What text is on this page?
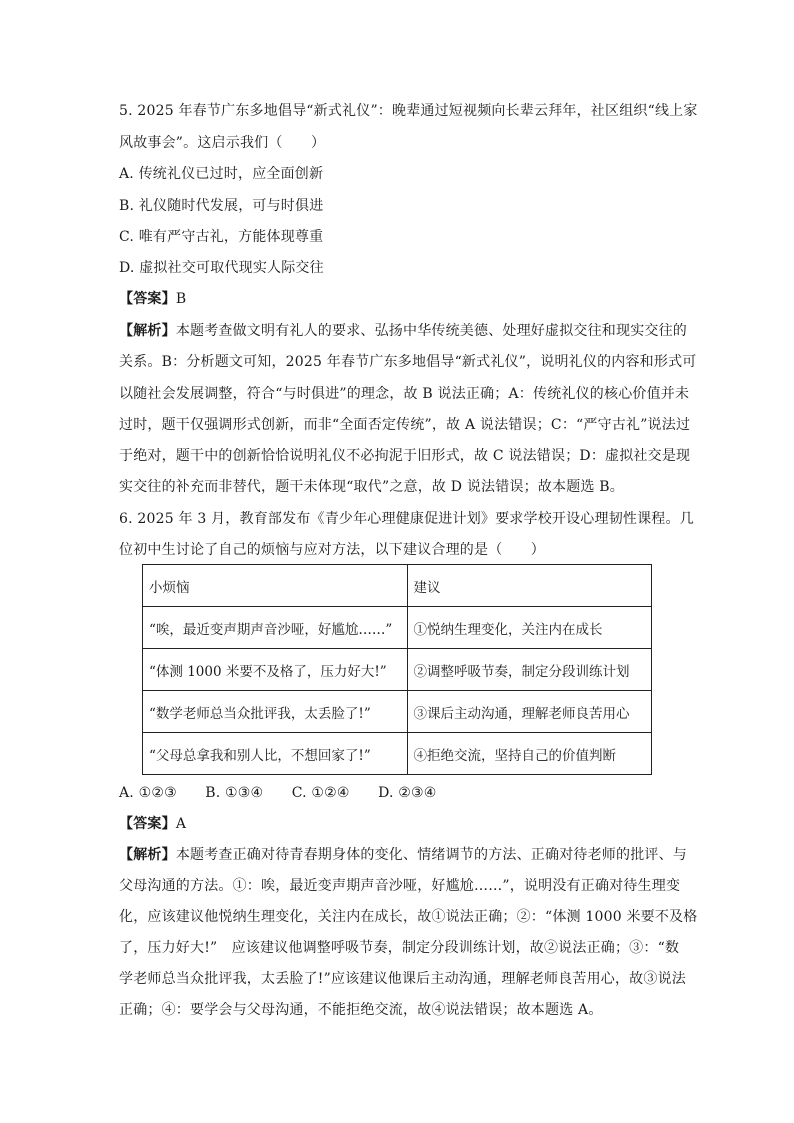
5. 2025 年春节广东多地倡导“新式礼仪”：晚辈通过短视频向长辈云拜年，社区组织“线上家
风故事会”。这启示我们（　　）
A. 传统礼仪已过时，应全面创新
B. 礼仪随时代发展，可与时俱进
C. 唯有严守古礼，方能体现尊重
D. 虚拟社交可取代现实人际交往
【答案】B
【解析】本题考查做文明有礼人的要求、弘扬中华传统美德、处理好虚拟交往和现实交往的
关系。B：分析题文可知，2025 年春节广东多地倡导“新式礼仪”，说明礼仪的内容和形式可
以随社会发展调整，符合“与时俱进”的理念，故 B 说法正确；A：传统礼仪的核心价值并未
过时，题干仅强调形式创新，而非“全面否定传统”，故 A 说法错误；C：“严守古礼”说法过
于绝对，题干中的创新恰恰说明礼仪不必拘泥于旧形式，故 C 说法错误；D：虚拟社交是现
实交往的补充而非替代，题干未体现“取代”之意，故 D 说法错误；故本题选 B。
6. 2025 年 3 月，教育部发布《青少年心理健康促进计划》要求学校开设心理韧性课程。几
位初中生讨论了自己的烦恼与应对方法，以下建议合理的是（　　）
小烦恼	建议
“唉，最近变声期声音沙哑，好尴尬……”	①悦纳生理变化，关注内在成长
“体测 1000 米要不及格了，压力好大!”	②调整呼吸节奏，制定分段训练计划
“数学老师总当众批评我，太丢脸了!”	③课后主动沟通，理解老师良苦用心
“父母总拿我和别人比，不想回家了!”	④拒绝交流，坚持自己的价值判断
A. ①②③　　B. ①③④　　C. ①②④　　D. ②③④
【答案】A
【解析】本题考查正确对待青春期身体的变化、情绪调节的方法、正确对待老师的批评、与
父母沟通的方法。①：唉，最近变声期声音沙哑，好尴尬……”，说明没有正确对待生理变
化，应该建议他悦纳生理变化，关注内在成长，故①说法正确；②：“体测 1000 米要不及格
了，压力好大!”　应该建议他调整呼吸节奏，制定分段训练计划，故②说法正确；③：“数
学老师总当众批评我，太丢脸了!”应该建议他课后主动沟通，理解老师良苦用心，故③说法
正确；④：要学会与父母沟通，不能拒绝交流，故④说法错误；故本题选 A。
